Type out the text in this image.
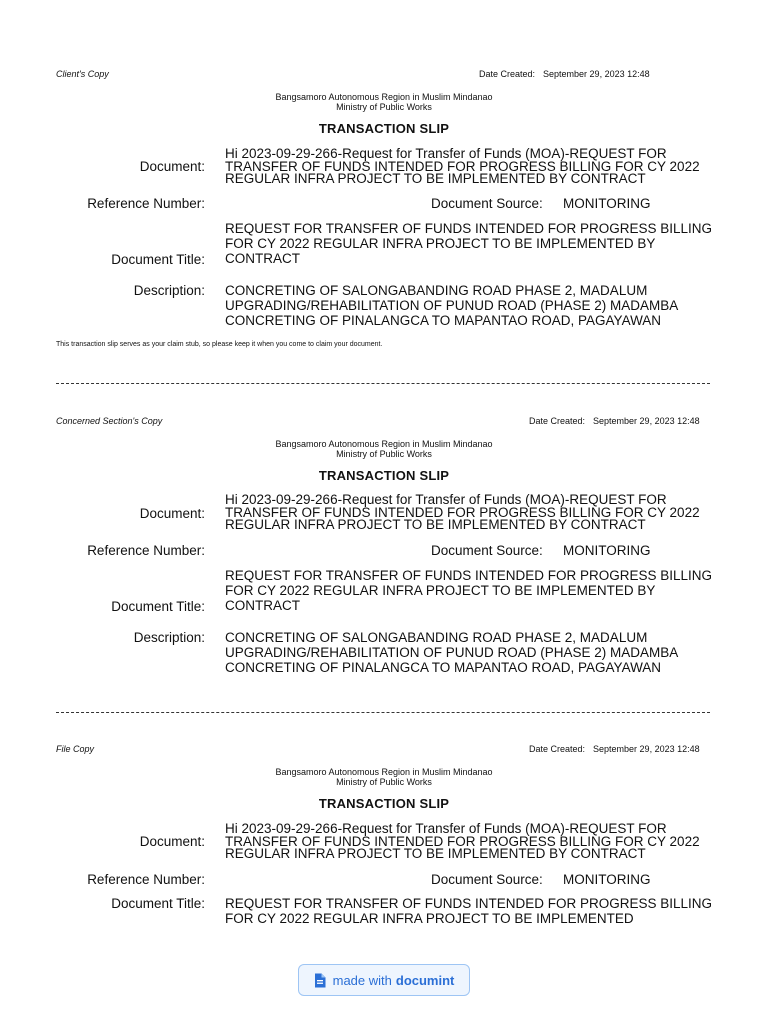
Client's Copy	Date Created: September 29, 2023 12:48
Bangsamoro Autonomous Region in Muslim Mindanao
Ministry of Public Works
TRANSACTION SLIP
Document:
Hi 2023-09-29-266-Request for Transfer of Funds (MOA)-REQUEST FOR TRANSFER OF FUNDS INTENDED FOR PROGRESS BILLING FOR CY 2022 REGULAR INFRA PROJECT TO BE IMPLEMENTED BY CONTRACT
Reference Number:	Document Source: MONITORING
Document Title:
REQUEST FOR TRANSFER OF FUNDS INTENDED FOR PROGRESS BILLING FOR CY 2022 REGULAR INFRA PROJECT TO BE IMPLEMENTED BY CONTRACT
Description: CONCRETING OF SALONGABANDING ROAD PHASE 2, MADALUM UPGRADING/REHABILITATION OF PUNUD ROAD (PHASE 2) MADAMBA CONCRETING OF PINALANGCA TO MAPANTAO ROAD, PAGAYAWAN
This transaction slip serves as your claim stub, so please keep it when you come to claim your document.
Concerned Section's Copy	Date Created: September 29, 2023 12:48
Bangsamoro Autonomous Region in Muslim Mindanao
Ministry of Public Works
TRANSACTION SLIP
Document:
Hi 2023-09-29-266-Request for Transfer of Funds (MOA)-REQUEST FOR TRANSFER OF FUNDS INTENDED FOR PROGRESS BILLING FOR CY 2022 REGULAR INFRA PROJECT TO BE IMPLEMENTED BY CONTRACT
Reference Number:	Document Source: MONITORING
Document Title:
REQUEST FOR TRANSFER OF FUNDS INTENDED FOR PROGRESS BILLING FOR CY 2022 REGULAR INFRA PROJECT TO BE IMPLEMENTED BY CONTRACT
Description: CONCRETING OF SALONGABANDING ROAD PHASE 2, MADALUM UPGRADING/REHABILITATION OF PUNUD ROAD (PHASE 2) MADAMBA CONCRETING OF PINALANGCA TO MAPANTAO ROAD, PAGAYAWAN
File Copy	Date Created: September 29, 2023 12:48
Bangsamoro Autonomous Region in Muslim Mindanao
Ministry of Public Works
TRANSACTION SLIP
Document:
Hi 2023-09-29-266-Request for Transfer of Funds (MOA)-REQUEST FOR TRANSFER OF FUNDS INTENDED FOR PROGRESS BILLING FOR CY 2022 REGULAR INFRA PROJECT TO BE IMPLEMENTED BY CONTRACT
Reference Number:	Document Source: MONITORING
Document Title: REQUEST FOR TRANSFER OF FUNDS INTENDED FOR PROGRESS BILLING FOR CY 2022 REGULAR INFRA PROJECT TO BE IMPLEMENTED
made with documint
